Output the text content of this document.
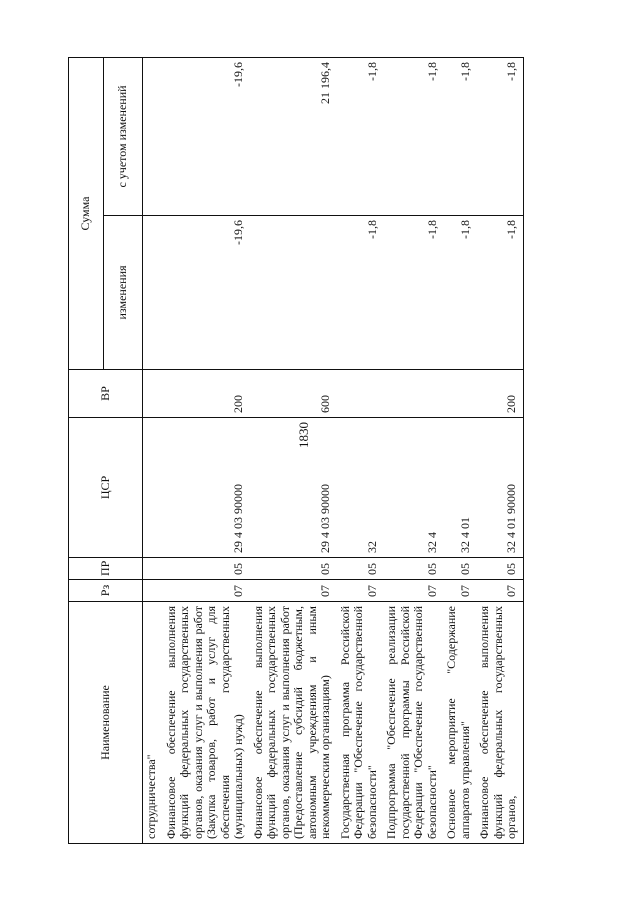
1830
Наименование	Рз	ПР	ЦСР	ВР	Сумма	
					изменения	с учетом изменений
сотрудничества"						
Финансовое обеспечение выполнения функций федеральных государственных органов, оказания услуг и выполнения работ (Закупка товаров, работ и услуг для обеспечения государственных (муниципальных) нужд)	07	05	29 4 03 90000	200	-19,6	-19,6
Финансовое обеспечение выполнения функций федеральных государственных органов, оказания услуг и выполнения работ (Предоставление субсидий бюджетным, автономным учреждениям и иным некоммерческим организациям)	07	05	29 4 03 90000	600		21 196,4
Государственная программа Российской Федерации "Обеспечение государственной безопасности"	07	05	32		-1,8	-1,8
Подпрограмма "Обеспечение реализации государственной программы Российской Федерации "Обеспечение государственной безопасности"	07	05	32 4		-1,8	-1,8
Основное мероприятие "Содержание аппаратов управления"	07	05	32 4 01		-1,8	-1,8
Финансовое обеспечение выполнения функций федеральных государственных органов,	07	05	32 4 01 90000	200	-1,8	-1,8
